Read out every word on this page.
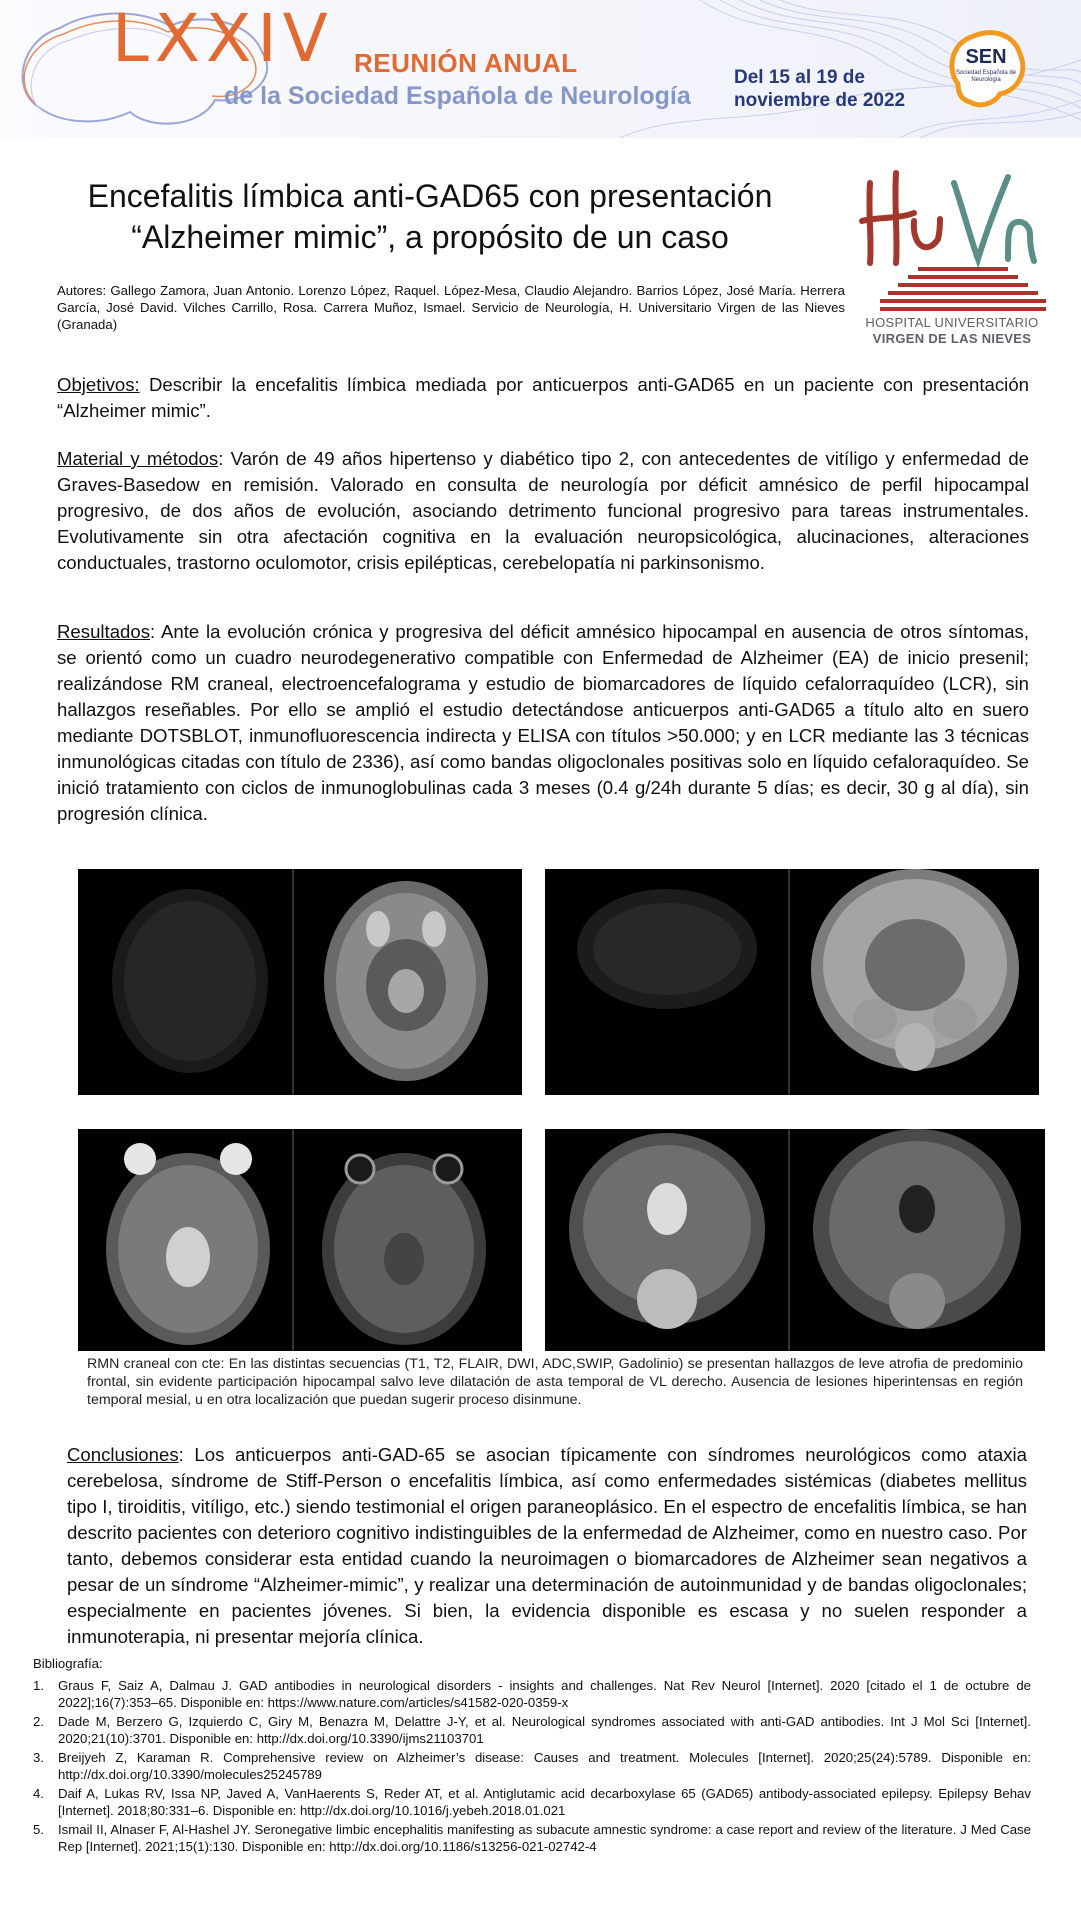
LXXIV REUNIÓN ANUAL
de la Sociedad Española de Neurología
Del 15 al 19 de
noviembre de 2022
SEN
Sociedad Española de Neurología
Encefalitis límbica anti-GAD65 con presentación
“Alzheimer mimic”, a propósito de un caso
Autores: Gallego Zamora, Juan Antonio. Lorenzo López, Raquel. López-Mesa, Claudio Alejandro. Barrios López, José María. Herrera García, José David. Vilches Carrillo, Rosa. Carrera Muñoz, Ismael. Servicio de Neurología, H. Universitario Virgen de las Nieves (Granada)	HOSPITAL UNIVERSITARIO
VIRGEN DE LAS NIEVES
Objetivos: Describir la encefalitis límbica mediada por anticuerpos anti-GAD65 en un paciente con presentación “Alzheimer mimic”.
Material y métodos: Varón de 49 años hipertenso y diabético tipo 2, con antecedentes de vitíligo y enfermedad de Graves-Basedow en remisión. Valorado en consulta de neurología por déficit amnésico de perfil hipocampal progresivo, de dos años de evolución, asociando detrimento funcional progresivo para tareas instrumentales. Evolutivamente sin otra afectación cognitiva en la evaluación neuropsicológica, alucinaciones, alteraciones conductuales, trastorno oculomotor, crisis epilépticas, cerebelopatía ni parkinsonismo.
Resultados: Ante la evolución crónica y progresiva del déficit amnésico hipocampal en ausencia de otros síntomas, se orientó como un cuadro neurodegenerativo compatible con Enfermedad de Alzheimer (EA) de inicio presenil; realizándose RM craneal, electroencefalograma y estudio de biomarcadores de líquido cefalorraquídeo (LCR), sin hallazgos reseñables. Por ello se amplió el estudio detectándose anticuerpos anti-GAD65 a título alto en suero mediante DOTSBLOT, inmunofluorescencia indirecta y ELISA con títulos >50.000; y en LCR mediante las 3 técnicas inmunológicas citadas con título de 2336), así como bandas oligoclonales positivas solo en líquido cefaloraquídeo. Se inició tratamiento con ciclos de inmunoglobulinas cada 3 meses (0.4 g/24h durante 5 días; es decir, 30 g al día), sin progresión clínica.
RMN craneal con cte: En las distintas secuencias (T1, T2, FLAIR, DWI, ADC,SWIP, Gadolinio) se presentan hallazgos de leve atrofia de predominio frontal, sin evidente participación hipocampal salvo leve dilatación de asta temporal de VL derecho. Ausencia de lesiones hiperintensas en región temporal mesial, u en otra localización que puedan sugerir proceso disinmune.
Conclusiones: Los anticuerpos anti-GAD-65 se asocian típicamente con síndromes neurológicos como ataxia cerebelosa, síndrome de Stiff-Person o encefalitis límbica, así como enfermedades sistémicas (diabetes mellitus tipo I, tiroiditis, vitíligo, etc.) siendo testimonial el origen paraneoplásico. En el espectro de encefalitis límbica, se han descrito pacientes con deterioro cognitivo indistinguibles de la enfermedad de Alzheimer, como en nuestro caso. Por tanto, debemos considerar esta entidad cuando la neuroimagen o biomarcadores de Alzheimer sean negativos a pesar de un síndrome “Alzheimer-mimic”, y realizar una determinación de autoinmunidad y de bandas oligoclonales; especialmente en pacientes jóvenes. Si bien, la evidencia disponible es escasa y no suelen responder a inmunoterapia, ni presentar mejoría clínica.
Bibliografía:
1. Graus F, Saiz A, Dalmau J. GAD antibodies in neurological disorders - insights and challenges. Nat Rev Neurol [Internet]. 2020 [citado el 1 de octubre de 2022];16(7):353–65. Disponible en: https://www.nature.com/articles/s41582-020-0359-x
2. Dade M, Berzero G, Izquierdo C, Giry M, Benazra M, Delattre J-Y, et al. Neurological syndromes associated with anti-GAD antibodies. Int J Mol Sci [Internet]. 2020;21(10):3701. Disponible en: http://dx.doi.org/10.3390/ijms21103701
3. Breijyeh Z, Karaman R. Comprehensive review on Alzheimer’s disease: Causes and treatment. Molecules [Internet]. 2020;25(24):5789. Disponible en: http://dx.doi.org/10.3390/molecules25245789
4. Daif A, Lukas RV, Issa NP, Javed A, VanHaerents S, Reder AT, et al. Antiglutamic acid decarboxylase 65 (GAD65) antibody-associated epilepsy. Epilepsy Behav [Internet]. 2018;80:331–6. Disponible en: http://dx.doi.org/10.1016/j.yebeh.2018.01.021
5. Ismail II, Alnaser F, Al-Hashel JY. Seronegative limbic encephalitis manifesting as subacute amnestic syndrome: a case report and review of the literature. J Med Case Rep [Internet]. 2021;15(1):130. Disponible en: http://dx.doi.org/10.1186/s13256-021-02742-4
